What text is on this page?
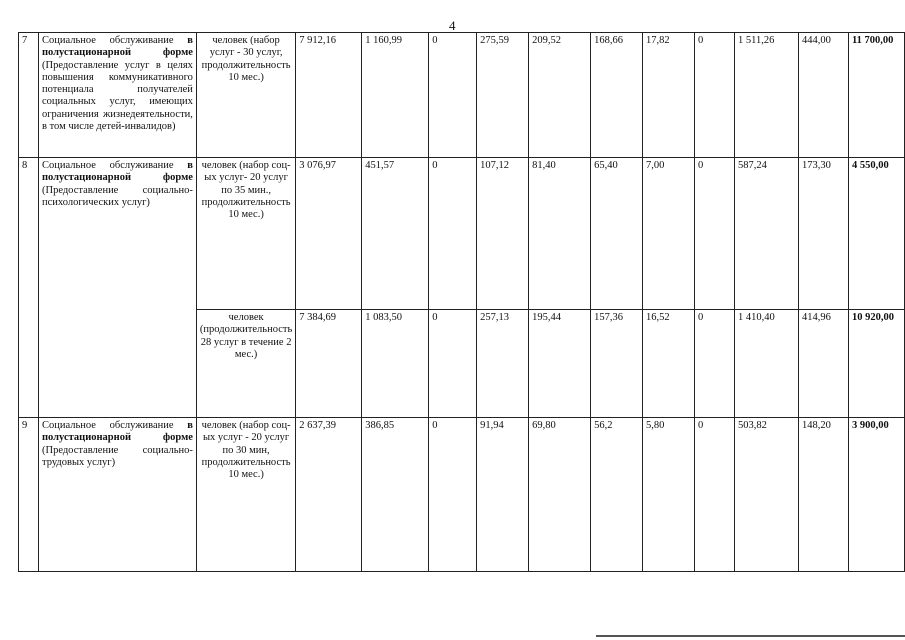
4
7	Социальное обслуживание в полустационарной форме (Предоставление услуг в целях повышения коммуникативного потенциала получателей социальных услуг, имеющих ограничения жизнедеятельности, в том числе детей-инвалидов)	человек (набор услуг - 30 услуг, продолжительность 10 мес.)	7 912,16	1 160,99	0	275,59	209,52	168,66	17,82	0	1 511,26	444,00	11 700,00
8	Социальное обслуживание в полустационарной форме (Предоставление социально-психологических услуг)	человек (набор соц-ых услуг- 20 услуг по 35 мин., продолжительность 10 мес.)	3 076,97	451,57	0	107,12	81,40	65,40	7,00	0	587,24	173,30	4 550,00
		человек (продолжительность 28 услуг в течение 2 мес.)	7 384,69	1 083,50	0	257,13	195,44	157,36	16,52	0	1 410,40	414,96	10 920,00
9	Социальное обслуживание в полустационарной форме (Предоставление социально-трудовых услуг)	человек (набор соц-ых услуг - 20 услуг по 30 мин, продолжительность 10 мес.)	2 637,39	386,85	0	91,94	69,80	56,2	5,80	0	503,82	148,20	3 900,00
